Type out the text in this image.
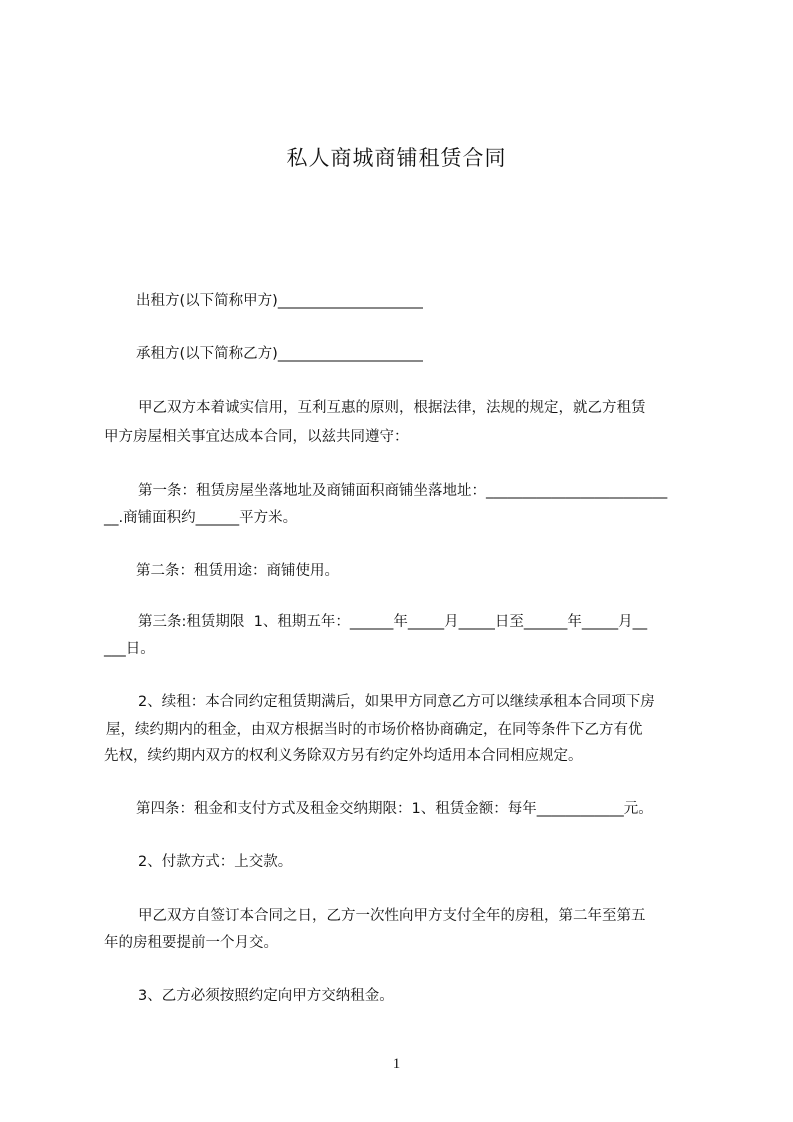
私人商城商铺租赁合同
出租方(以下简称甲方)____________________
承租方(以下简称乙方)____________________
甲乙双方本着诚实信用，互利互惠的原则，根据法律，法规的规定，就乙方租赁
甲方房屋相关事宜达成本合同，以兹共同遵守：
第一条：租赁房屋坐落地址及商铺面积商铺坐落地址：_________________________
__.商铺面积约______平方米。
第二条：租赁用途：商铺使用。
第三条:租赁期限  1、租期五年：______年_____月_____日至______年_____月__
___日。
2、续租：本合同约定租赁期满后，如果甲方同意乙方可以继续承租本合同项下房
屋，续约期内的租金，由双方根据当时的市场价格协商确定，在同等条件下乙方有优
先权，续约期内双方的权利义务除双方另有约定外均适用本合同相应规定。
第四条：租金和支付方式及租金交纳期限：1、租赁金额：每年____________元。
2、付款方式：上交款。
甲乙双方自签订本合同之日，乙方一次性向甲方支付全年的房租，第二年至第五
年的房租要提前一个月交。
3、乙方必须按照约定向甲方交纳租金。
1
